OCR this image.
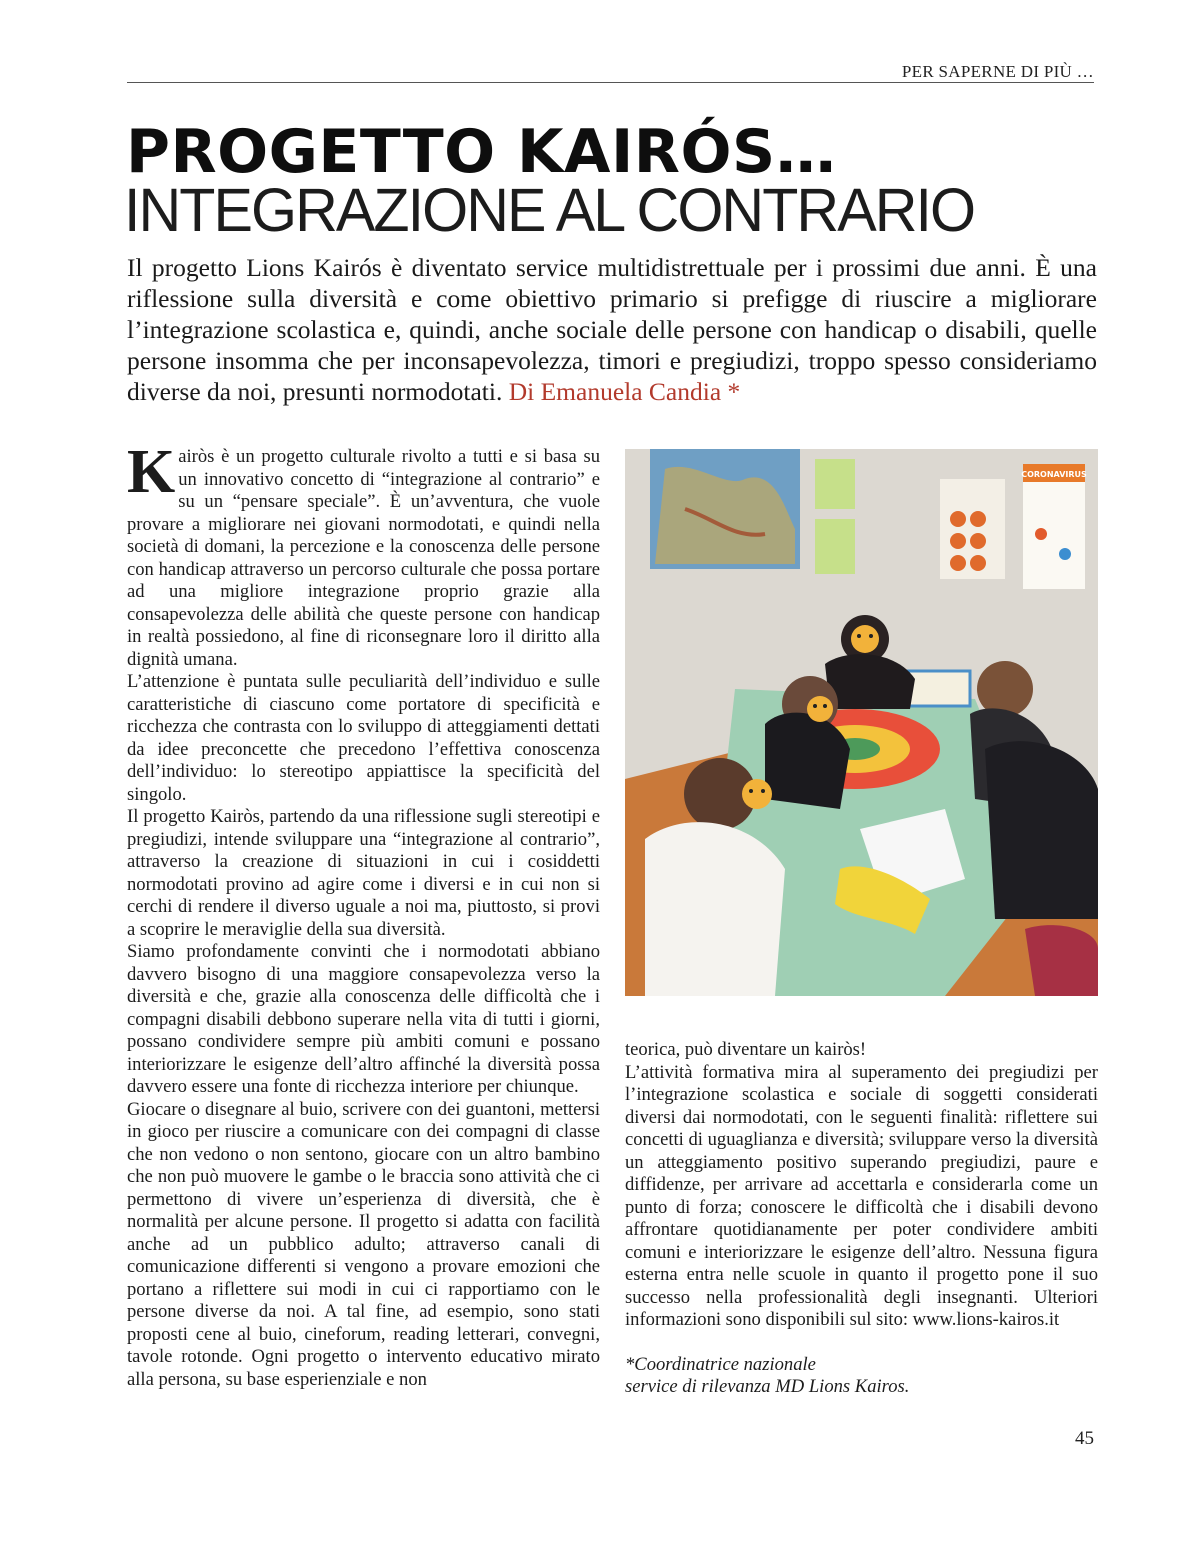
PER SAPERNE DI PIÙ …
PROGETTO KAIRÓS…
INTEGRAZIONE AL CONTRARIO
Il progetto Lions Kairós è diventato service multidistrettuale per i prossimi due anni. È una riflessione sulla diversità e come obiettivo primario si prefigge di riuscire a migliorare l’integrazione scolastica e, quindi, anche sociale delle persone con handicap o disabili, quelle persone insomma che per inconsapevolezza, timori e pregiudizi, troppo spesso consideriamo diverse da noi, presunti normodotati. Di Emanuela Candia *

Kairòs è un progetto culturale rivolto a tutti e si basa su un innovativo concetto di “integrazione al contrario” e su un “pensare speciale”. È un’avventura, che vuole provare a migliorare nei giovani normodotati, e quindi nella società di domani, la percezione e la conoscenza delle persone con handicap attraverso un percorso culturale che possa portare ad una migliore integrazione proprio grazie alla consapevolezza delle abilità che queste persone con handicap in realtà possiedono, al fine di riconsegnare loro il diritto alla dignità umana.

L’attenzione è puntata sulle peculiarità dell’individuo e sulle caratteristiche di ciascuno come portatore di specificità e ricchezza che contrasta con lo sviluppo di atteggiamenti dettati da idee preconcette che precedono l’effettiva conoscenza dell’individuo: lo stereotipo appiattisce la specificità del singolo.

Il progetto Kairòs, partendo da una riflessione sugli stereotipi e pregiudizi, intende sviluppare una “integrazione al contrario”, attraverso la creazione di situazioni in cui i cosiddetti normodotati provino ad agire come i diversi e in cui non si cerchi di rendere il diverso uguale a noi ma, piuttosto, si provi a scoprire le meraviglie della sua diversità.

Siamo profondamente convinti che i normodotati abbiano davvero bisogno di una maggiore consapevolezza verso la diversità e che, grazie alla conoscenza delle difficoltà che i compagni disabili debbono superare nella vita di tutti i giorni, possano condividere sempre più ambiti comuni e possano interiorizzare le esigenze dell’altro affinché la diversità possa davvero essere una fonte di ricchezza interiore per chiunque.

Giocare o disegnare al buio, scrivere con dei guantoni, mettersi in gioco per riuscire a comunicare con dei compagni di classe che non vedono o non sentono, giocare con un altro bambino che non può muovere le gambe o le braccia sono attività che ci permettono di vivere un’esperienza di diversità, che è normalità per alcune persone. Il progetto si adatta con facilità anche ad un pubblico adulto; attraverso canali di comunicazione differenti si vengono a provare emozioni che portano a riflettere sui modi in cui ci rapportiamo con le persone diverse da noi. A tal fine, ad esempio, sono stati proposti cene al buio, cineforum, reading letterari, convegni, tavole rotonde. Ogni progetto o intervento educativo mirato alla persona, su base esperienziale e non

CORONAVIRUS

teorica, può diventare un kairòs!

L’attività formativa mira al superamento dei pregiudizi per l’integrazione scolastica e sociale di soggetti considerati diversi dai normodotati, con le seguenti finalità: riflettere sui concetti di uguaglianza e diversità; sviluppare verso la diversità un atteggiamento positivo superando pregiudizi, paure e diffidenze, per arrivare ad accettarla e considerarla come un punto di forza; conoscere le difficoltà che i disabili devono affrontare quotidianamente per poter condividere ambiti comuni e interiorizzare le esigenze dell’altro. Nessuna figura esterna entra nelle scuole in quanto il progetto pone il suo successo nella professionalità degli insegnanti. Ulteriori informazioni sono disponibili sul sito: www.lions-kairos.it

*Coordinatrice nazionale
service di rilevanza MD Lions Kairos.

45
